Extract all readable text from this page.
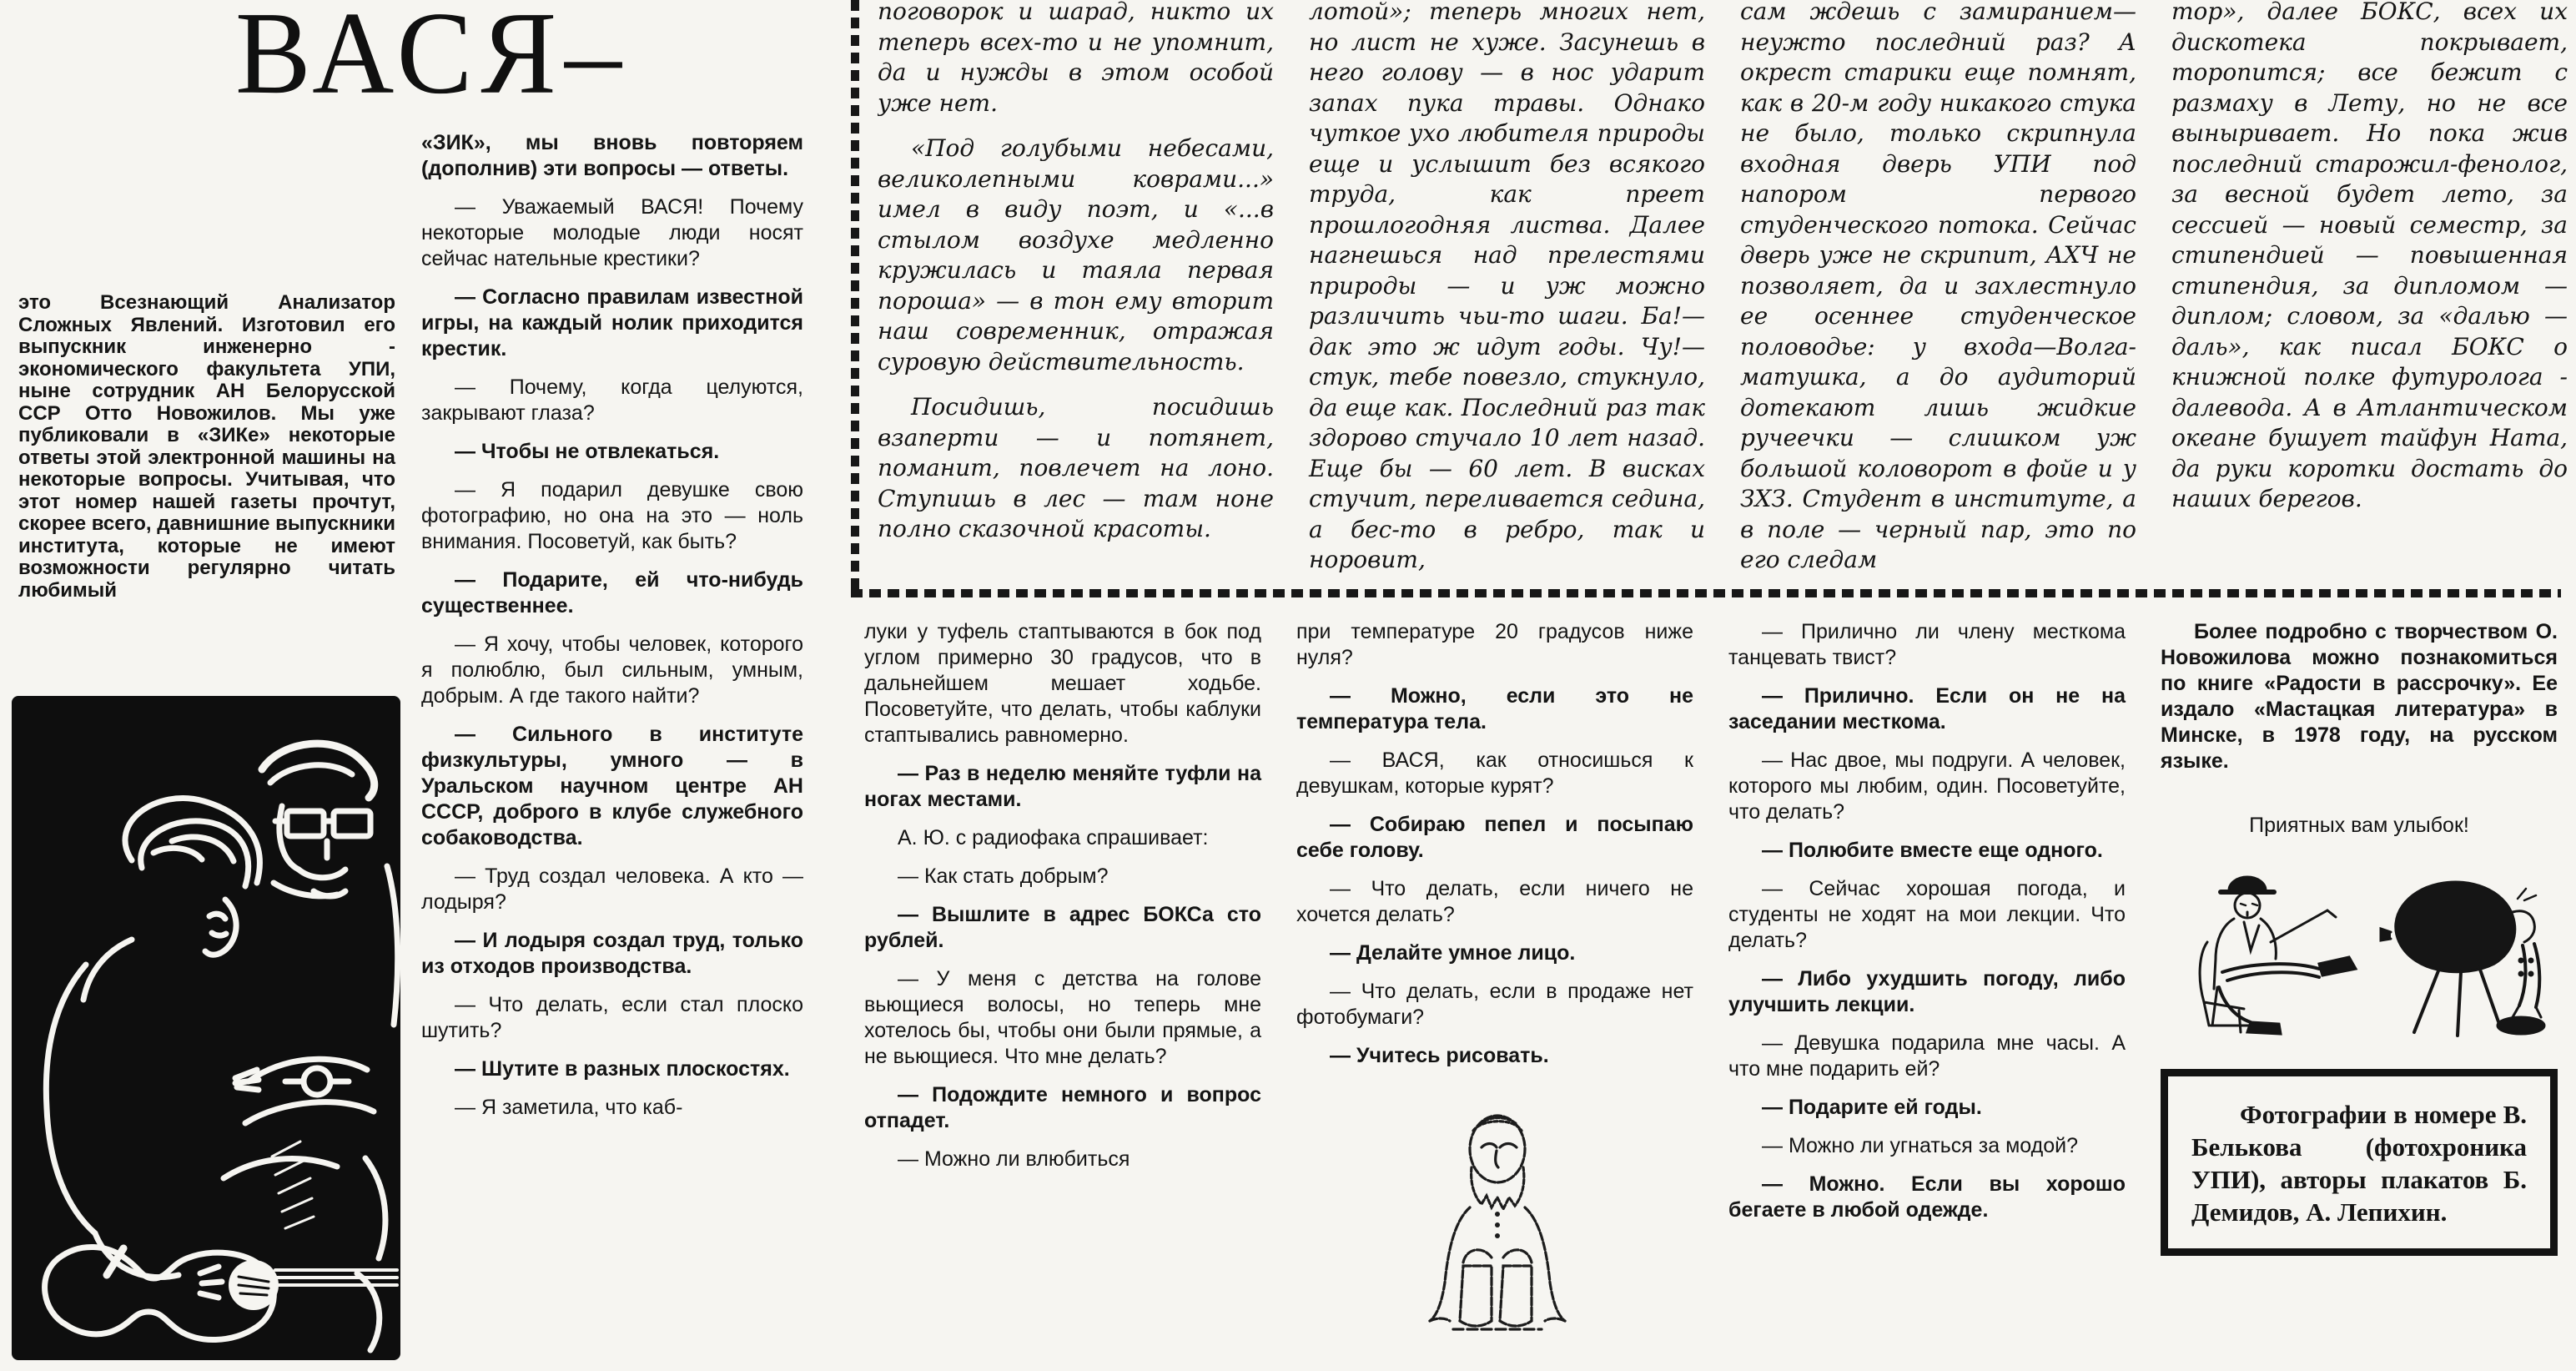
ВАСЯ–

это Всезнающий Анализатор Сложных Явлений. Изготовил его выпускник инженерно - экономического факультета УПИ, ныне сотрудник АН Белорусской ССР Отто Новожилов. Мы уже публиковали в «ЗИКе» некоторые ответы этой электронной машины на некоторые вопросы. Учитывая, что этот номер нашей газеты прочтут, скорее всего, давнишние выпускники института, которые не имеют возможности регулярно читать любимый

«ЗИК», мы вновь повторяем (дополнив) эти вопросы — ответы.

— Уважаемый ВАСЯ! Почему некоторые молодые люди носят сейчас нательные крестики?

— Согласно правилам известной игры, на каждый нолик приходится крестик.

— Почему, когда целуются, закрывают глаза?

— Чтобы не отвлекаться.

— Я подарил девушке свою фотографию, но она на это — ноль внимания. Посоветуй, как быть?

— Подарите, ей что-нибудь существеннее.

— Я хочу, чтобы человек, которого я полюблю, был сильным, умным, добрым. А где такого найти?

— Сильного в институте физкультуры, умного — в Уральском научном центре АН СССР, доброго в клубе служебного собаководства.

— Труд создал человека. А кто — лодыря?

— И лодыря создал труд, только из отходов производства.

— Что делать, если стал плоско шутить?

— Шутите в разных плоскостях.

— Я заметила, что каб-

поговорок и шарад, никто их теперь всех-то и не упомнит, да и нужды в этом особой уже нет.

«Под голубыми небесами, великолепными коврами...» имел в виду поэт, и «...в стылом воздухе медленно кружилась и таяла первая пороша» — в тон ему вторит наш современник, отражая суровую действительность.

Посидишь, посидишь взаперти — и потянет, поманит, повлечет на лоно. Ступишь в лес — там ноне полно сказочной красоты.

лотой»; теперь многих нет, но лист не хуже. Засунешь в него голову — в нос ударит запах пука травы. Однако чуткое ухо любителя природы еще и услышит без всякого труда, как преет прошлогодняя листва. Далее нагнешься над прелестями природы — и уж можно различить чьи-то шаги. Ба!— дак это ж идут годы. Чу!— стук, тебе повезло, стукнуло, да еще как. Последний раз так здорово стучало 10 лет назад. Еще бы — 60 лет. В висках стучит, переливается седина, а бес-то в ребро, так и норовит,

сам ждешь с замиранием—неужто последний раз? А окрест старики еще помнят, как в 20-м году никакого стука не было, только скрипнула входная дверь УПИ под напором первого студенческого потока. Сейчас дверь уже не скрипит, АХЧ не позволяет, да и захлестнуло ее осеннее студенческое половодье: у входа—Волга-матушка, а до аудиторий дотекают лишь жидкие ручеечки — слишком уж большой коловорот в фойе и у ЗХЗ. Студент в институте, а в поле — черный пар, это по его следам

тор», далее БОКС, всех их дискотека покрывает, торопится; все бежит с размаху в Лету, но не все выныривает. Но пока жив последний старожил-фенолог, за весной будет лето, за сессией — новый семестр, за стипендией — повышенная стипендия, за дипломом — диплом; словом, за «далью — даль», как писал БОКС о книжной полке футуролога - далевода. А в Атлантическом океане бушует тайфун Ната, да руки коротки достать до наших берегов.

луки у туфель стаптываются в бок под углом примерно 30 градусов, что в дальнейшем мешает ходьбе. Посоветуйте, что делать, чтобы каблуки стаптывались равномерно.

— Раз в неделю меняйте туфли на ногах местами.

А. Ю. с радиофака спрашивает:

— Как стать добрым?

— Вышлите в адрес БОКСа сто рублей.

— У меня с детства на голове вьющиеся волосы, но теперь мне хотелось бы, чтобы они были прямые, а не вьющиеся. Что мне делать?

— Подождите немного и вопрос отпадет.

— Можно ли влюбиться

при температуре 20 градусов ниже нуля?

— Можно, если это не температура тела.

— ВАСЯ, как относишься к девушкам, которые курят?

— Собираю пепел и посыпаю себе голову.

— Что делать, если ничего не хочется делать?

— Делайте умное лицо.

— Что делать, если в продаже нет фотобумаги?

— Учитесь рисовать.

— Прилично ли члену месткома танцевать твист?

— Прилично. Если он не на заседании месткома.

— Нас двое, мы подруги. А человек, которого мы любим, один. Посоветуйте, что делать?

— Полюбите вместе еще одного.

— Сейчас хорошая погода, и студенты не ходят на мои лекции. Что делать?

— Либо ухудшить погоду, либо улучшить лекции.

— Девушка подарила мне часы. А что мне подарить ей?

— Подарите ей годы.

— Можно ли угнаться за модой?

— Можно. Если вы хорошо бегаете в любой одежде.

Более подробно с творчеством О. Новожилова можно познакомиться по книге «Радости в рассрочку». Ее издало «Мастацкая литература» в Минске, в 1978 году, на русском языке.

Приятных вам улыбок!

Фотографии в номере В. Белькова (фотохроника УПИ), авторы плакатов Б. Демидов, А. Лепихин.
